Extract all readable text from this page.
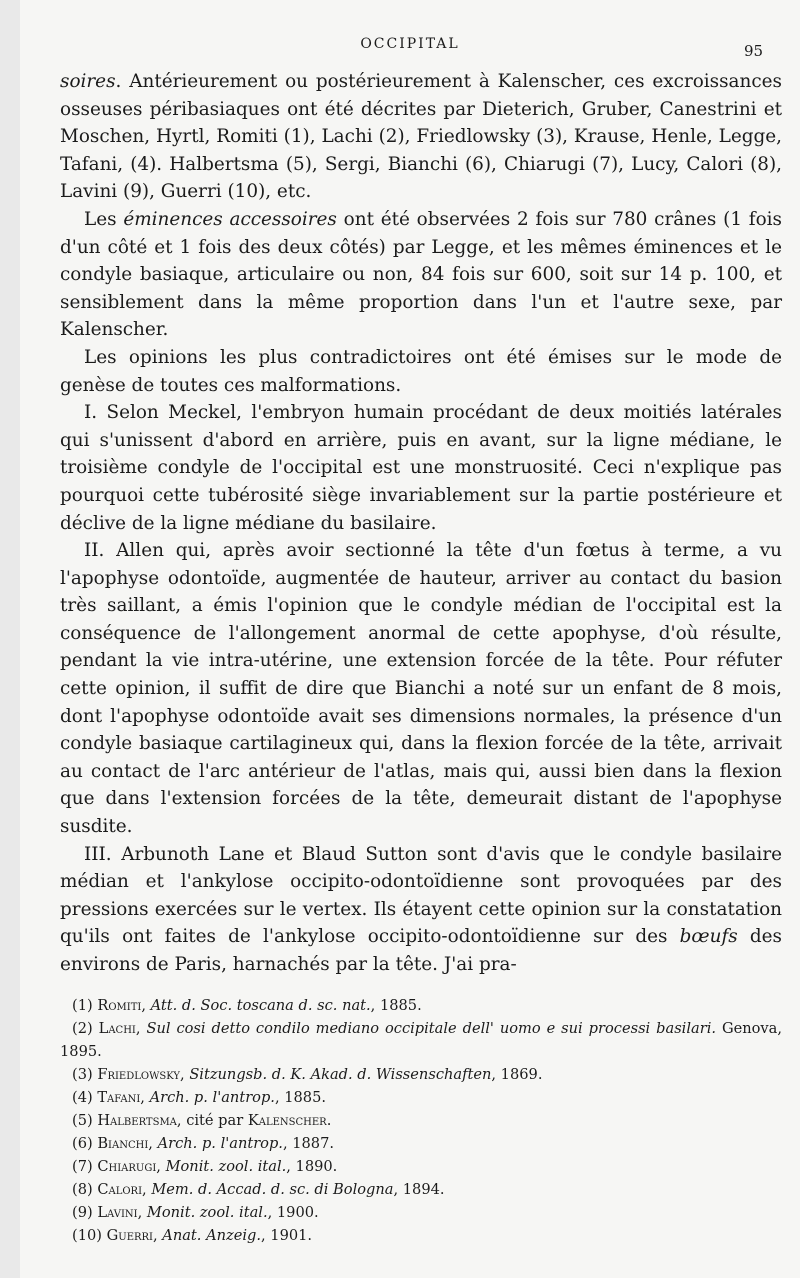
OCCIPITAL	95

soires. Antérieurement ou postérieurement à Kalenscher, ces excroissances osseuses péribasiaques ont été décrites par Dieterich, Gruber, Canestrini et Moschen, Hyrtl, Romiti (1), Lachi (2), Friedlowsky (3), Krause, Henle, Legge, Tafani, (4). Halbertsma (5), Sergi, Bianchi (6), Chiarugi (7), Lucy, Calori (8), Lavini (9), Guerri (10), etc.

Les éminences accessoires ont été observées 2 fois sur 780 crânes (1 fois d'un côté et 1 fois des deux côtés) par Legge, et les mêmes éminences et le condyle basiaque, articulaire ou non, 84 fois sur 600, soit sur 14 p. 100, et sensiblement dans la même proportion dans l'un et l'autre sexe, par Kalenscher.

Les opinions les plus contradictoires ont été émises sur le mode de genèse de toutes ces malformations.

I. Selon Meckel, l'embryon humain procédant de deux moitiés latérales qui s'unissent d'abord en arrière, puis en avant, sur la ligne médiane, le troisième condyle de l'occipital est une monstruosité. Ceci n'explique pas pourquoi cette tubérosité siège invariablement sur la partie postérieure et déclive de la ligne médiane du basilaire.

II. Allen qui, après avoir sectionné la tête d'un fœtus à terme, a vu l'apophyse odontoïde, augmentée de hauteur, arriver au contact du basion très saillant, a émis l'opinion que le condyle médian de l'occipital est la conséquence de l'allongement anormal de cette apophyse, d'où résulte, pendant la vie intra-utérine, une extension forcée de la tête. Pour réfuter cette opinion, il suffit de dire que Bianchi a noté sur un enfant de 8 mois, dont l'apophyse odontoïde avait ses dimensions normales, la présence d'un condyle basiaque cartilagineux qui, dans la flexion forcée de la tête, arrivait au contact de l'arc antérieur de l'atlas, mais qui, aussi bien dans la flexion que dans l'extension forcées de la tête, demeurait distant de l'apophyse susdite.

III. Arbunoth Lane et Blaud Sutton sont d'avis que le condyle basilaire médian et l'ankylose occipito-odontoïdienne sont provoquées par des pressions exercées sur le vertex. Ils étayent cette opinion sur la constatation qu'ils ont faites de l'ankylose occipito-odontoïdienne sur des bœufs des environs de Paris, harnachés par la tête. J'ai pra-

(1) Romiti, Att. d. Soc. toscana d. sc. nat., 1885.
(2) Lachi, Sul cosi detto condilo mediano occipitale dell' uomo e sui processi basilari. Genova, 1895.
(3) Friedlowsky, Sitzungsb. d. K. Akad. d. Wissenschaften, 1869.
(4) Tafani, Arch. p. l'antrop., 1885.
(5) Halbertsma, cité par Kalenscher.
(6) Bianchi, Arch. p. l'antrop., 1887.
(7) Chiarugi, Monit. zool. ital., 1890.
(8) Calori, Mem. d. Accad. d. sc. di Bologna, 1894.
(9) Lavini, Monit. zool. ital., 1900.
(10) Guerri, Anat. Anzeig., 1901.
